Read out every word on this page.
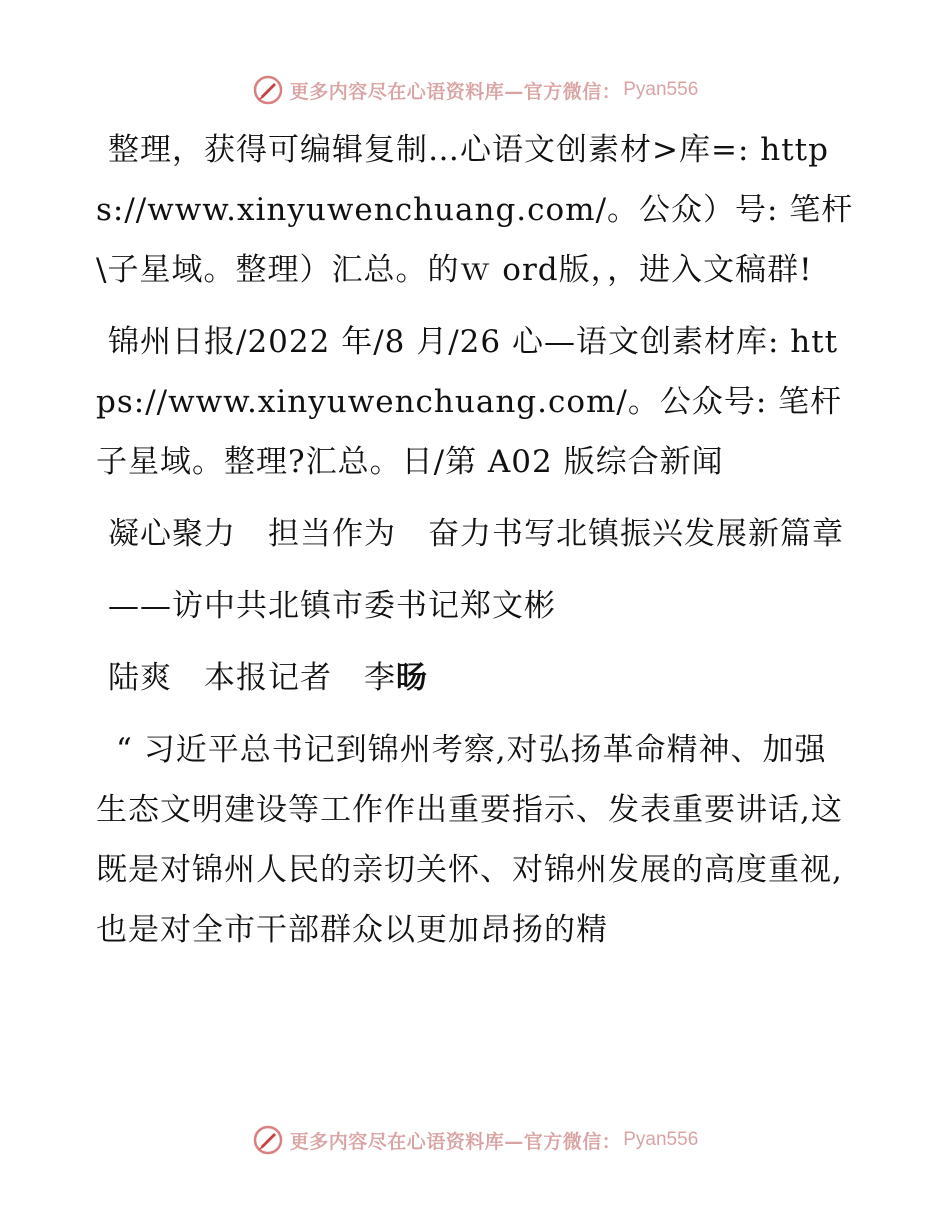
更多内容尽在心语资料库—官方微信： Pyan556

整理，获得可编辑复制…心语文创素材>库=: https://www.xinyuwenchuang.com/。公众）号: 笔杆\子星域。整理）汇总。的ｗ ord版，，进入文稿群!

锦州日报/2022 年/8 月/26 心—语文创素材库: https://www.xinyuwenchuang.com/。公众号: 笔杆子星域。整理?汇总。日/第 A02 版综合新闻

凝心聚力　担当作为　奋力书写北镇振兴发展新篇章

——访中共北镇市委书记郑文彬

陆爽　本报记者　李旸

“ 习近平总书记到锦州考察,对弘扬革命精神、加强生态文明建设等工作作出重要指示、发表重要讲话,这既是对锦州人民的亲切关怀、对锦州发展的高度重视,也是对全市干部群众以更加昂扬的精

更多内容尽在心语资料库—官方微信： Pyan556
